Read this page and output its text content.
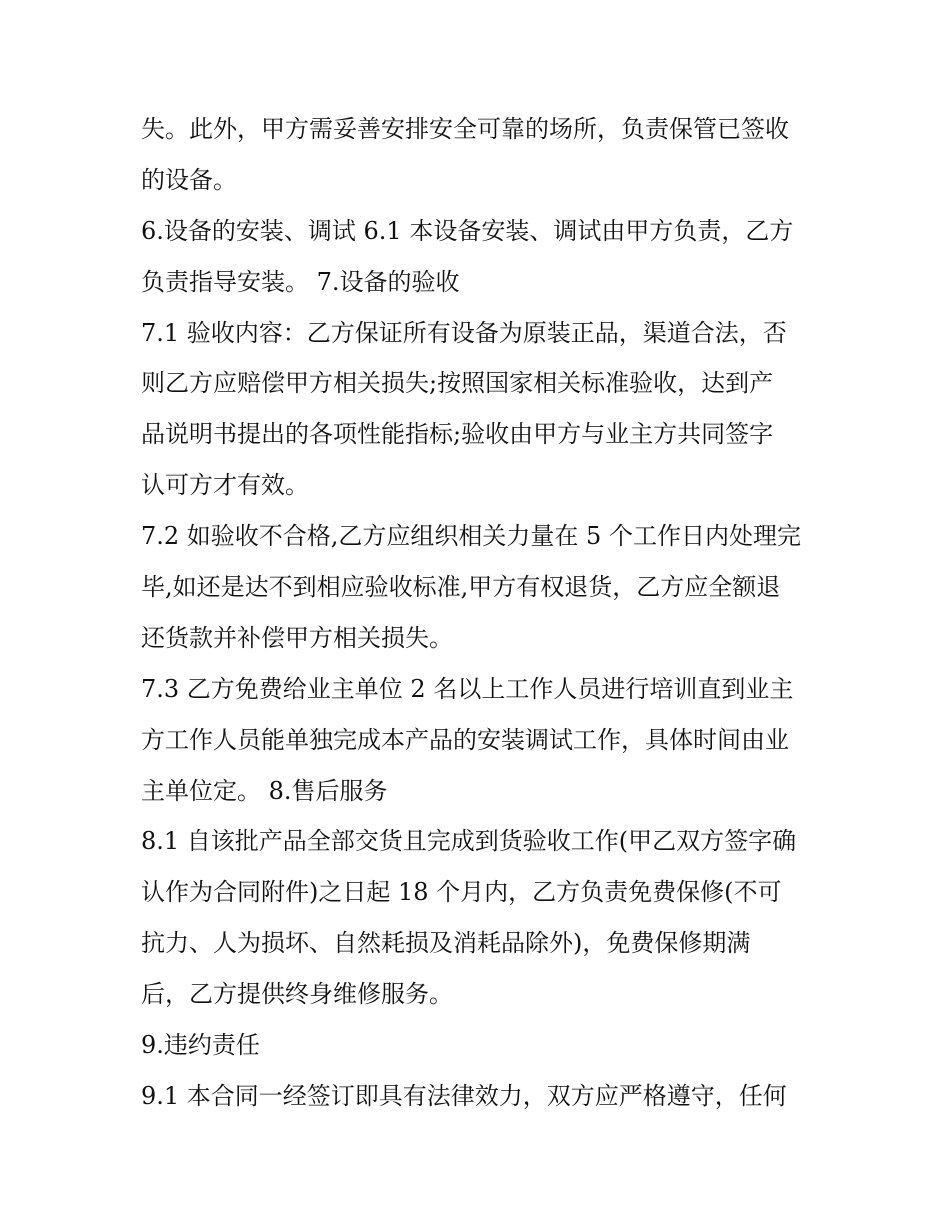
失。此外，甲方需妥善安排安全可靠的场所，负责保管已签收
的设备。
6.设备的安装、调试 6.1 本设备安装、调试由甲方负责，乙方
负责指导安装。 7.设备的验收
7.1 验收内容：乙方保证所有设备为原装正品，渠道合法，否
则乙方应赔偿甲方相关损失;按照国家相关标准验收，达到产
品说明书提出的各项性能指标;验收由甲方与业主方共同签字
认可方才有效。
7.2 如验收不合格,乙方应组织相关力量在 5 个工作日内处理完
毕,如还是达不到相应验收标准,甲方有权退货，乙方应全额退
还货款并补偿甲方相关损失。
7.3 乙方免费给业主单位 2 名以上工作人员进行培训直到业主
方工作人员能单独完成本产品的安装调试工作，具体时间由业
主单位定。 8.售后服务
8.1 自该批产品全部交货且完成到货验收工作(甲乙双方签字确
认作为合同附件)之日起 18 个月内，乙方负责免费保修(不可
抗力、人为损坏、自然耗损及消耗品除外)，免费保修期满
后，乙方提供终身维修服务。
9.违约责任
9.1 本合同一经签订即具有法律效力，双方应严格遵守，任何
